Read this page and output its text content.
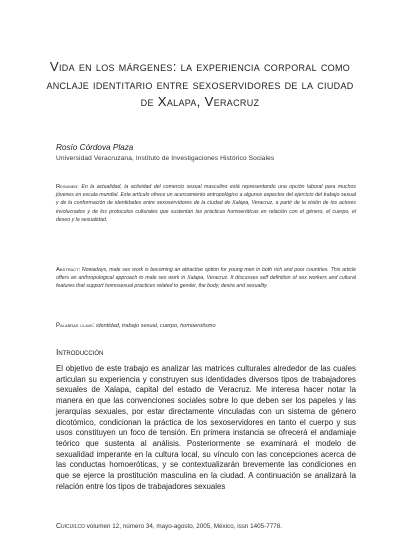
Vida en los márgenes: la experiencia corporal como anclaje identitario entre sexoservidores de la ciudad de Xalapa, Veracruz
Rosío Córdova Plaza
Universidad Veracruzana, Instituto de Investigaciones Histórico Sociales

Resumen: En la actualidad, la actividad del comercio sexual masculino está representando una opción laboral para muchos jóvenes en escala mundial. Este artículo ofrece un acercamiento antropológico a algunos aspectos del ejercicio del trabajo sexual y de la conformación de identidades entre sexoservidores de la ciudad de Xalapa, Veracruz, a partir de la visión de los actores involucrados y de los protocolos culturales que sustentan las prácticas homoeróticas en relación con el género, el cuerpo, el deseo y la sexualidad.

Abstract: Nowadays, male sex work is becoming an attractive option for young men in both rich and poor countries. This article offers an anthropological approach to male sex work in Xalapa, Veracruz. It discusses self definition of sex workers and cultural features that support homosexual practices related to gender, the body, desire and sexuality.

Palabras clave: identidad, trabajo sexual, cuerpo, homoerotismo

Introducción

El objetivo de este trabajo es analizar las matrices culturales alrededor de las cuales articulan su experiencia y construyen sus identidades diversos tipos de trabajadores sexuales de Xalapa, capital del estado de Veracruz. Me interesa hacer notar la manera en que las convenciones sociales sobre lo que deben ser los papeles y las jerarquías sexuales, por estar directamente vinculadas con un sistema de género dicotómico, condicionan la práctica de los sexoservidores en tanto el cuerpo y sus usos constituyen un foco de tensión. En primera instancia se ofrecerá el andamiaje teórico que sustenta al análisis. Posteriormente se examinará el modelo de sexualidad imperante en la cultura local, su vínculo con las concepciones acerca de las conductas homoeróticas, y se contextualizarán brevemente las condiciones en que se ejerce la prostitución masculina en la ciudad. A continuación se analizará la relación entre los tipos de trabajadores sexuales

Cuicuilco volumen 12, número 34, mayo-agosto, 2005, México, issn 1405-7778.
